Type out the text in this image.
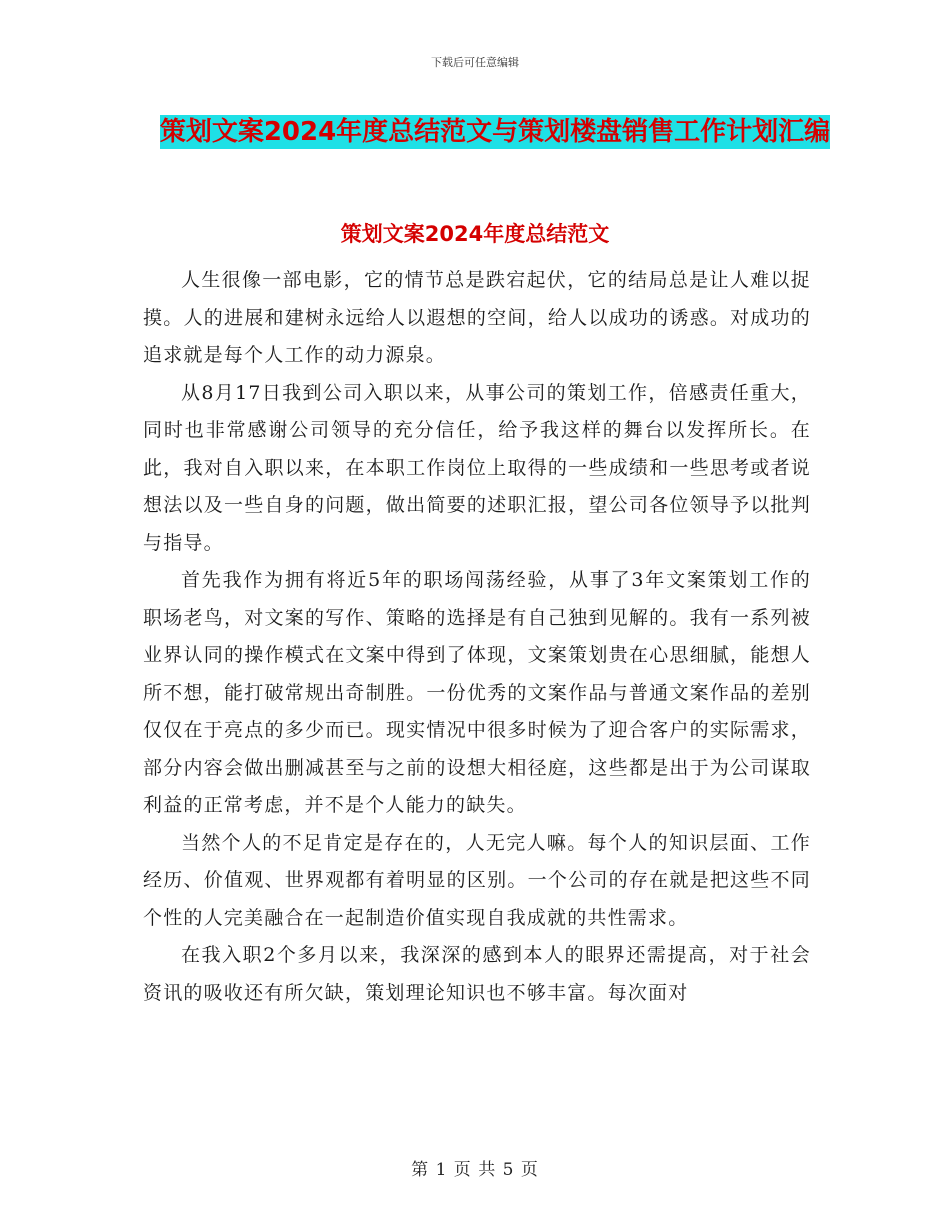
下载后可任意编辑
策划文案2024年度总结范文与策划楼盘销售工作计划汇编
策划文案2024年度总结范文

人生很像一部电影，它的情节总是跌宕起伏，它的结局总是让人难以捉摸。人的进展和建树永远给人以遐想的空间，给人以成功的诱惑。对成功的追求就是每个人工作的动力源泉。

从8月17日我到公司入职以来，从事公司的策划工作，倍感责任重大，同时也非常感谢公司领导的充分信任，给予我这样的舞台以发挥所长。在此，我对自入职以来，在本职工作岗位上取得的一些成绩和一些思考或者说想法以及一些自身的问题，做出简要的述职汇报，望公司各位领导予以批判与指导。

首先我作为拥有将近5年的职场闯荡经验，从事了3年文案策划工作的职场老鸟，对文案的写作、策略的选择是有自己独到见解的。我有一系列被业界认同的操作模式在文案中得到了体现，文案策划贵在心思细腻，能想人所不想，能打破常规出奇制胜。一份优秀的文案作品与普通文案作品的差别仅仅在于亮点的多少而已。现实情况中很多时候为了迎合客户的实际需求，部分内容会做出删减甚至与之前的设想大相径庭，这些都是出于为公司谋取利益的正常考虑，并不是个人能力的缺失。

当然个人的不足肯定是存在的，人无完人嘛。每个人的知识层面、工作经历、价值观、世界观都有着明显的区别。一个公司的存在就是把这些不同个性的人完美融合在一起制造价值实现自我成就的共性需求。

在我入职2个多月以来，我深深的感到本人的眼界还需提高，对于社会资讯的吸收还有所欠缺，策划理论知识也不够丰富。每次面对

第 1 页 共 5 页
